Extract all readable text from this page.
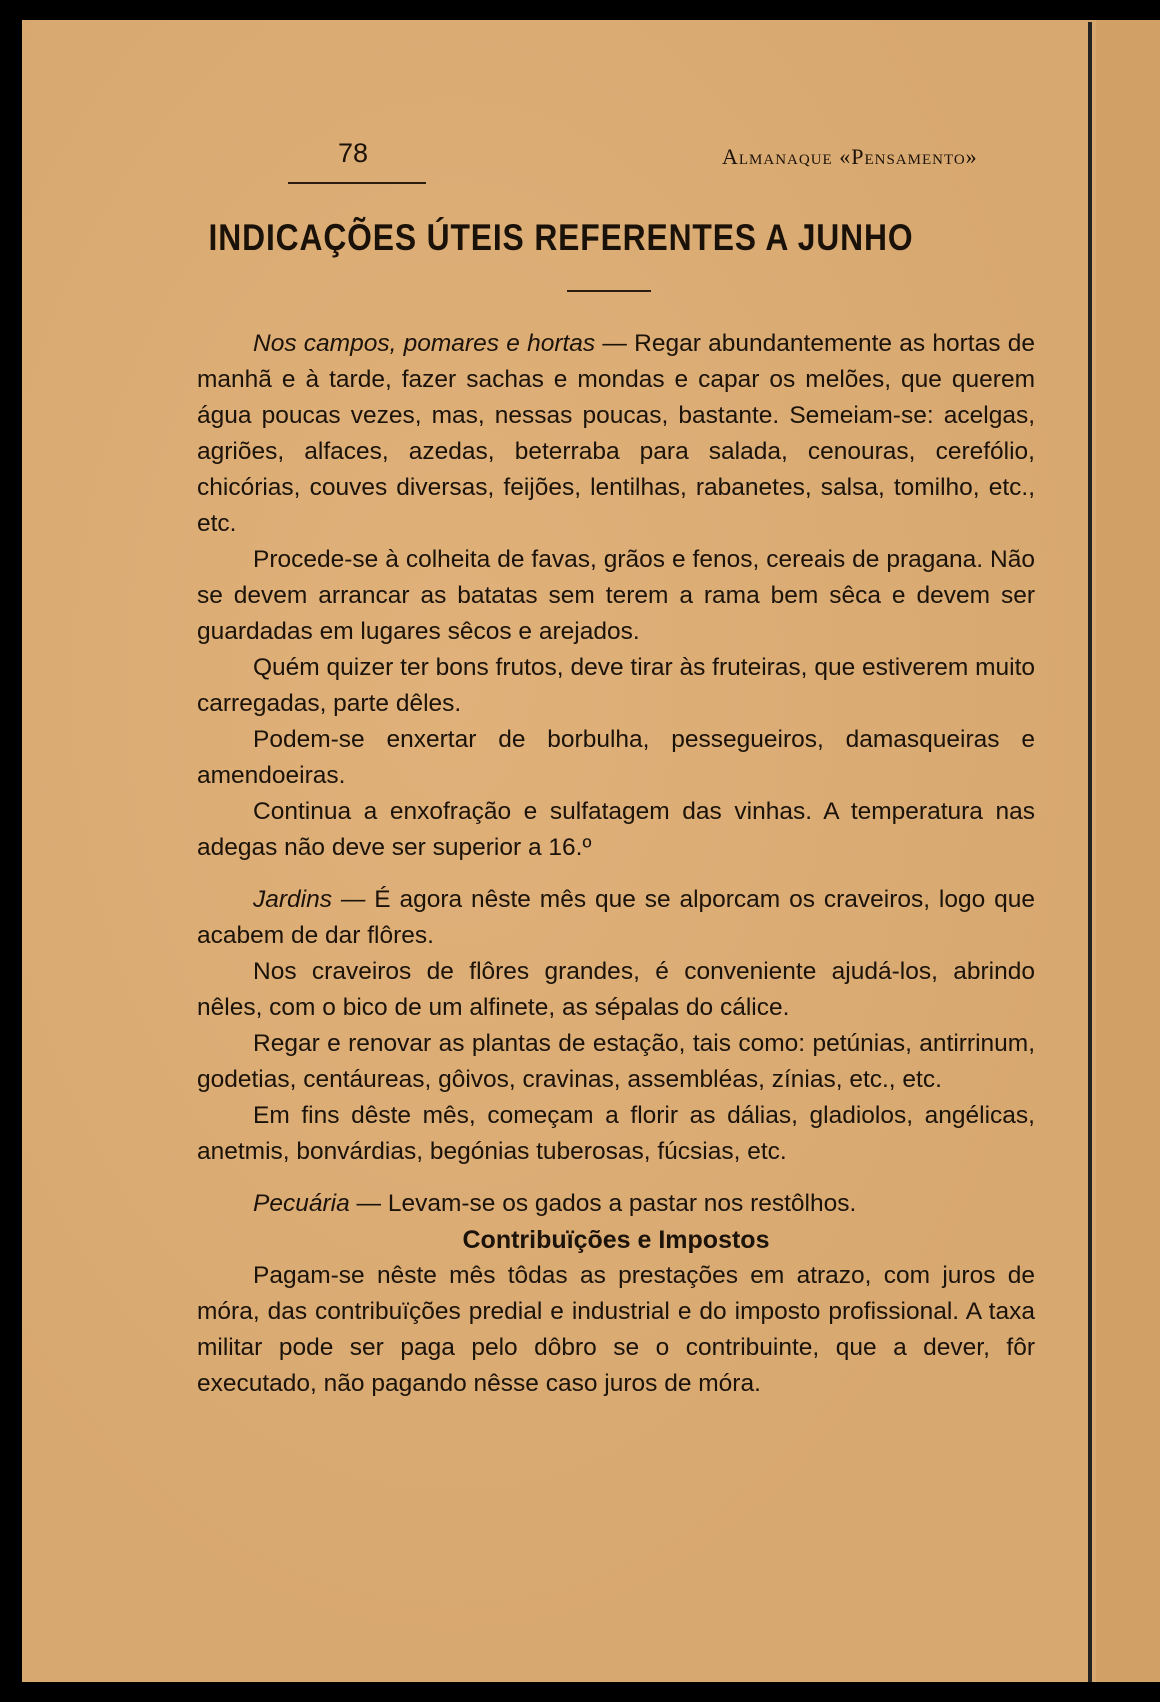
78	Almanaque «Pensamento»
INDICAÇÕES ÚTEIS REFERENTES A JUNHO

Nos campos, pomares e hortas — Regar abundantemente as hortas de manhã e à tarde, fazer sachas e mondas e capar os melões, que querem água poucas vezes, mas, nessas poucas, bastante. Semeiam-se: acelgas, agriões, alfaces, azedas, beterraba para salada, cenouras, cerefólio, chicórias, couves diversas, feijões, lentilhas, rabanetes, salsa, tomilho, etc., etc.

Procede-se à colheita de favas, grãos e fenos, cereais de pragana. Não se devem arrancar as batatas sem terem a rama bem sêca e devem ser guardadas em lugares sêcos e arejados.

Quém quizer ter bons frutos, deve tirar às fruteiras, que estiverem muito carregadas, parte dêles.

Podem-se enxertar de borbulha, pessegueiros, damasqueiras e amendoeiras.

Continua a enxofração e sulfatagem das vinhas. A temperatura nas adegas não deve ser superior a 16.º

Jardins — É agora nêste mês que se alporcam os craveiros, logo que acabem de dar flôres.

Nos craveiros de flôres grandes, é conveniente ajudá-los, abrindo nêles, com o bico de um alfinete, as sépalas do cálice.

Regar e renovar as plantas de estação, tais como: petúnias, antirrinum, godetias, centáureas, gôivos, cravinas, assembléas, zínias, etc., etc.

Em fins dêste mês, começam a florir as dálias, gladiolos, angélicas, anetmis, bonvárdias, begónias tuberosas, fúcsias, etc.

Pecuária — Levam-se os gados a pastar nos restôlhos.

Contribuïções e Impostos

Pagam-se nêste mês tôdas as prestações em atrazo, com juros de móra, das contribuïções predial e industrial e do imposto profissional. A taxa militar pode ser paga pelo dôbro se o contribuinte, que a dever, fôr executado, não pagando nêsse caso juros de móra.
